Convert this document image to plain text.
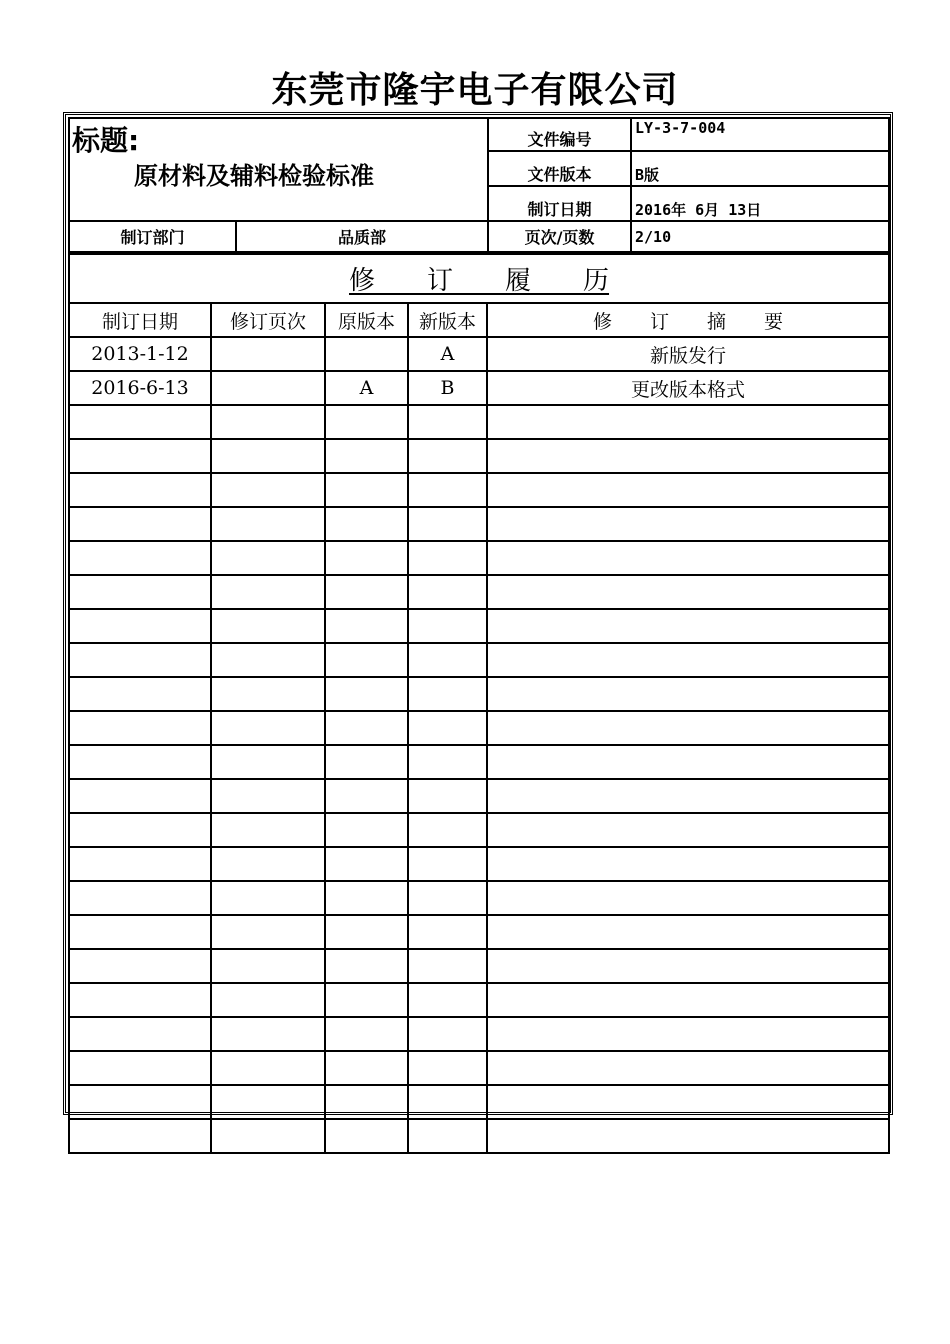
东莞市隆宇电子有限公司
标题:
原材料及辅料检验标准		文件编号	LY-3-7-004
		文件版本	B版
		制订日期	2016年 6月 13日
制订部门	品质部	页次/页数	2/10
修　　订　　履　　历				
制订日期	修订页次	原版本	新版本	修　　订　　摘　　要
2013-1-12			A	新版发行
2016-6-13		A	B	更改版本格式
